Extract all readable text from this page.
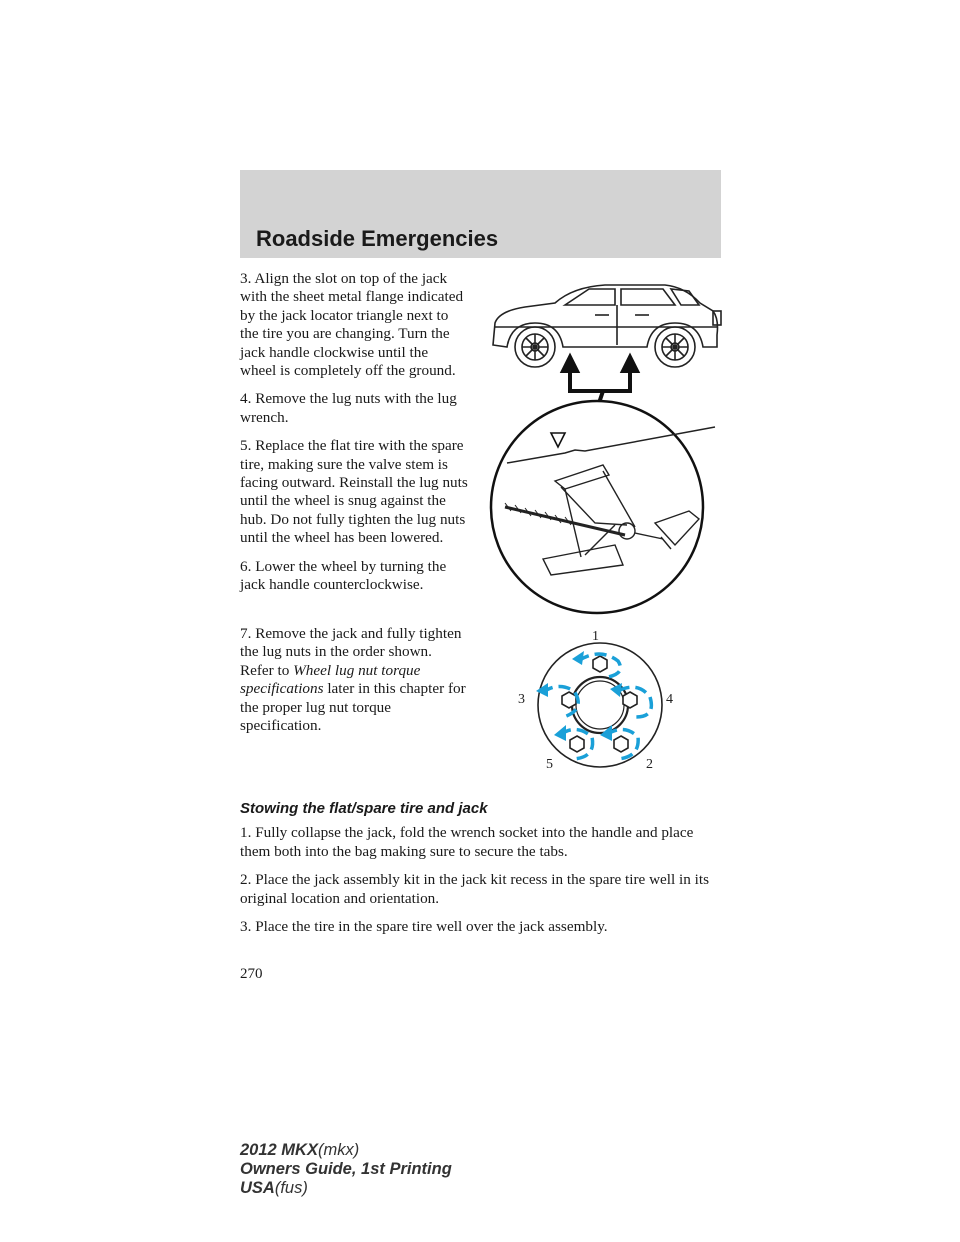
Roadside Emergencies

3. Align the slot on top of the jack with the sheet metal flange indicated by the jack locator triangle next to the tire you are changing. Turn the jack handle clockwise until the wheel is completely off the ground.

4. Remove the lug nuts with the lug wrench.

5. Replace the flat tire with the spare tire, making sure the valve stem is facing outward. Reinstall the lug nuts until the wheel is snug against the hub. Do not fully tighten the lug nuts until the wheel has been lowered.

6. Lower the wheel by turning the jack handle counterclockwise.

7. Remove the jack and fully tighten the lug nuts in the order shown. Refer to Wheel lug nut torque specifications later in this chapter for the proper lug nut torque specification.

1
2
3	4
5
Stowing the flat/spare tire and jack

1. Fully collapse the jack, fold the wrench socket into the handle and place them both into the bag making sure to secure the tabs.

2. Place the jack assembly kit in the jack kit recess in the spare tire well in its original location and orientation.

3. Place the tire in the spare tire well over the jack assembly.

270
2012 MKX(mkx)
Owners Guide, 1st Printing
USA(fus)
